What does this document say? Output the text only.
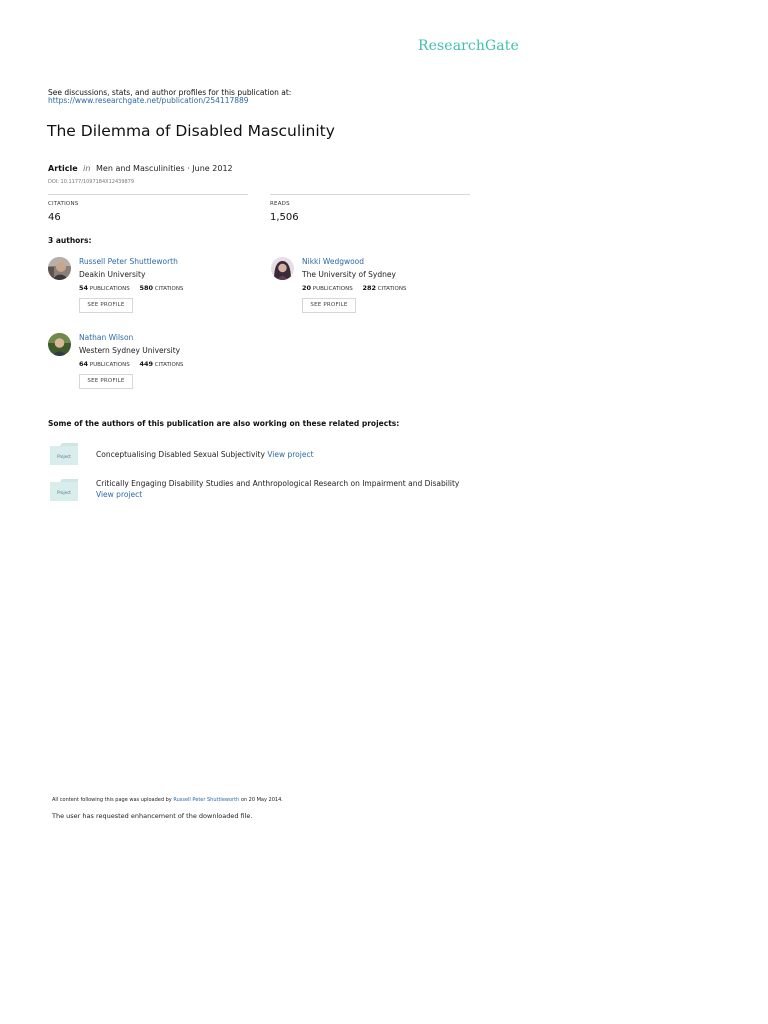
ResearchGate
See discussions, stats, and author profiles for this publication at:
https://www.researchgate.net/publication/254117889
The Dilemma of Disabled Masculinity
Article in Men and Masculinities · June 2012
DOI: 10.1177/1097184X12439879
CITATIONS
46
READS
1,506
3 authors:
Russell Peter Shuttleworth
Deakin University
54 PUBLICATIONS 580 CITATIONS
SEE PROFILE
Nikki Wedgwood
The University of Sydney
20 PUBLICATIONS 282 CITATIONS
SEE PROFILE
Nathan Wilson
Western Sydney University
64 PUBLICATIONS 449 CITATIONS
SEE PROFILE
Some of the authors of this publication are also working on these related projects:
Project	Conceptualising Disabled Sexual Subjectivity View project
Project
Critically Engaging Disability Studies and Anthropological Research on Impairment and Disability
View project
All content following this page was uploaded by Russell Peter Shuttleworth on 20 May 2014.
The user has requested enhancement of the downloaded file.
